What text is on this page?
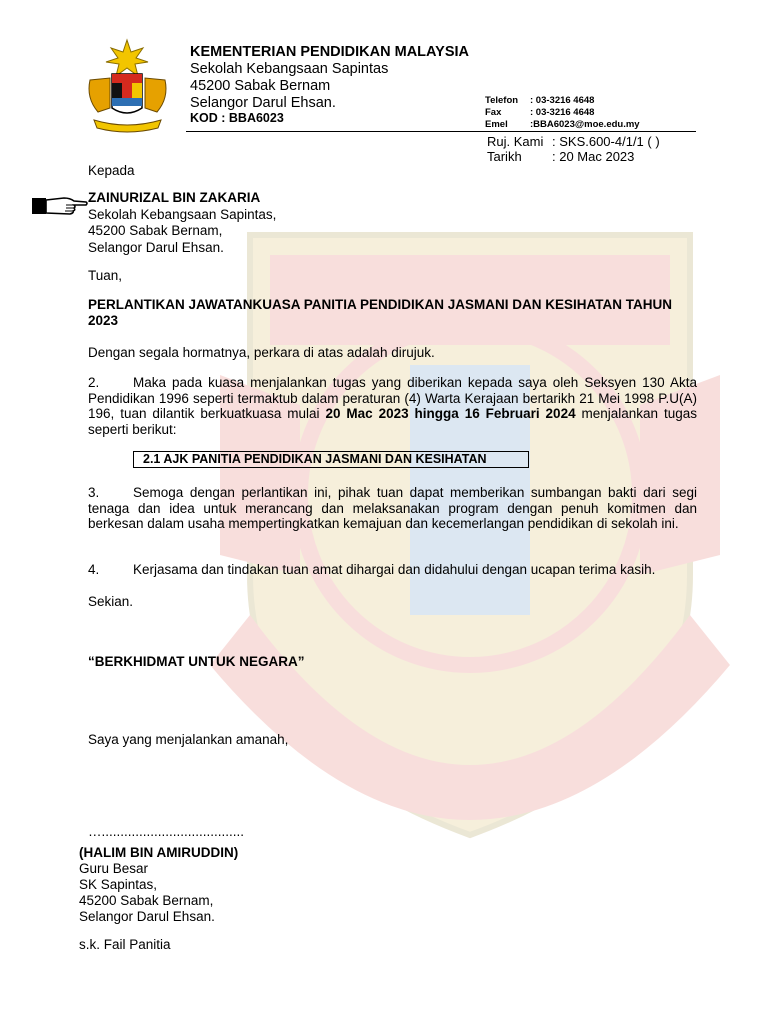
KEMENTERIAN PENDIDIKAN MALAYSIA
Sekolah Kebangsaan Sapintas
45200 Sabak Bernam
Selangor Darul Ehsan.
KOD : BBA6023
Telefon : 03-3216 4648
Fax	: 03-3216 4648
Emel :BBA6023@moe.edu.my
Ruj. Kami : SKS.600-4/1/1 ( )
Tarikh : 20 Mac 2023
Kepada
ZAINURIZAL BIN ZAKARIA
Sekolah Kebangsaan Sapintas,
45200 Sabak Bernam,
Selangor Darul Ehsan.
Tuan,
PERLANTIKAN JAWATANKUASA PANITIA PENDIDIKAN JASMANI DAN KESIHATAN TAHUN 2023
Dengan segala hormatnya, perkara di atas adalah dirujuk.
2. Maka pada kuasa menjalankan tugas yang diberikan kepada saya oleh Seksyen 130 Akta Pendidikan 1996 seperti termaktub dalam peraturan (4) Warta Kerajaan bertarikh 21 Mei 1998 P.U(A) 196, tuan dilantik berkuatkuasa mulai 20 Mac 2023 hingga 16 Februari 2024 menjalankan tugas seperti berikut:
2.1 AJK PANITIA PENDIDIKAN JASMANI DAN KESIHATAN
3. Semoga dengan perlantikan ini, pihak tuan dapat memberikan sumbangan bakti dari segi tenaga dan idea untuk merancang dan melaksanakan program dengan penuh komitmen dan berkesan dalam usaha mempertingkatkan kemajuan dan kecemerlangan pendidikan di sekolah ini.
4. Kerjasama dan tindakan tuan amat dihargai dan didahului dengan ucapan terima kasih.
Sekian.
“BERKHIDMAT UNTUK NEGARA”
Saya yang menjalankan amanah,
…......................................
(HALIM BIN AMIRUDDIN)
Guru Besar
SK Sapintas,
45200 Sabak Bernam,
Selangor Darul Ehsan.
s.k. Fail Panitia
